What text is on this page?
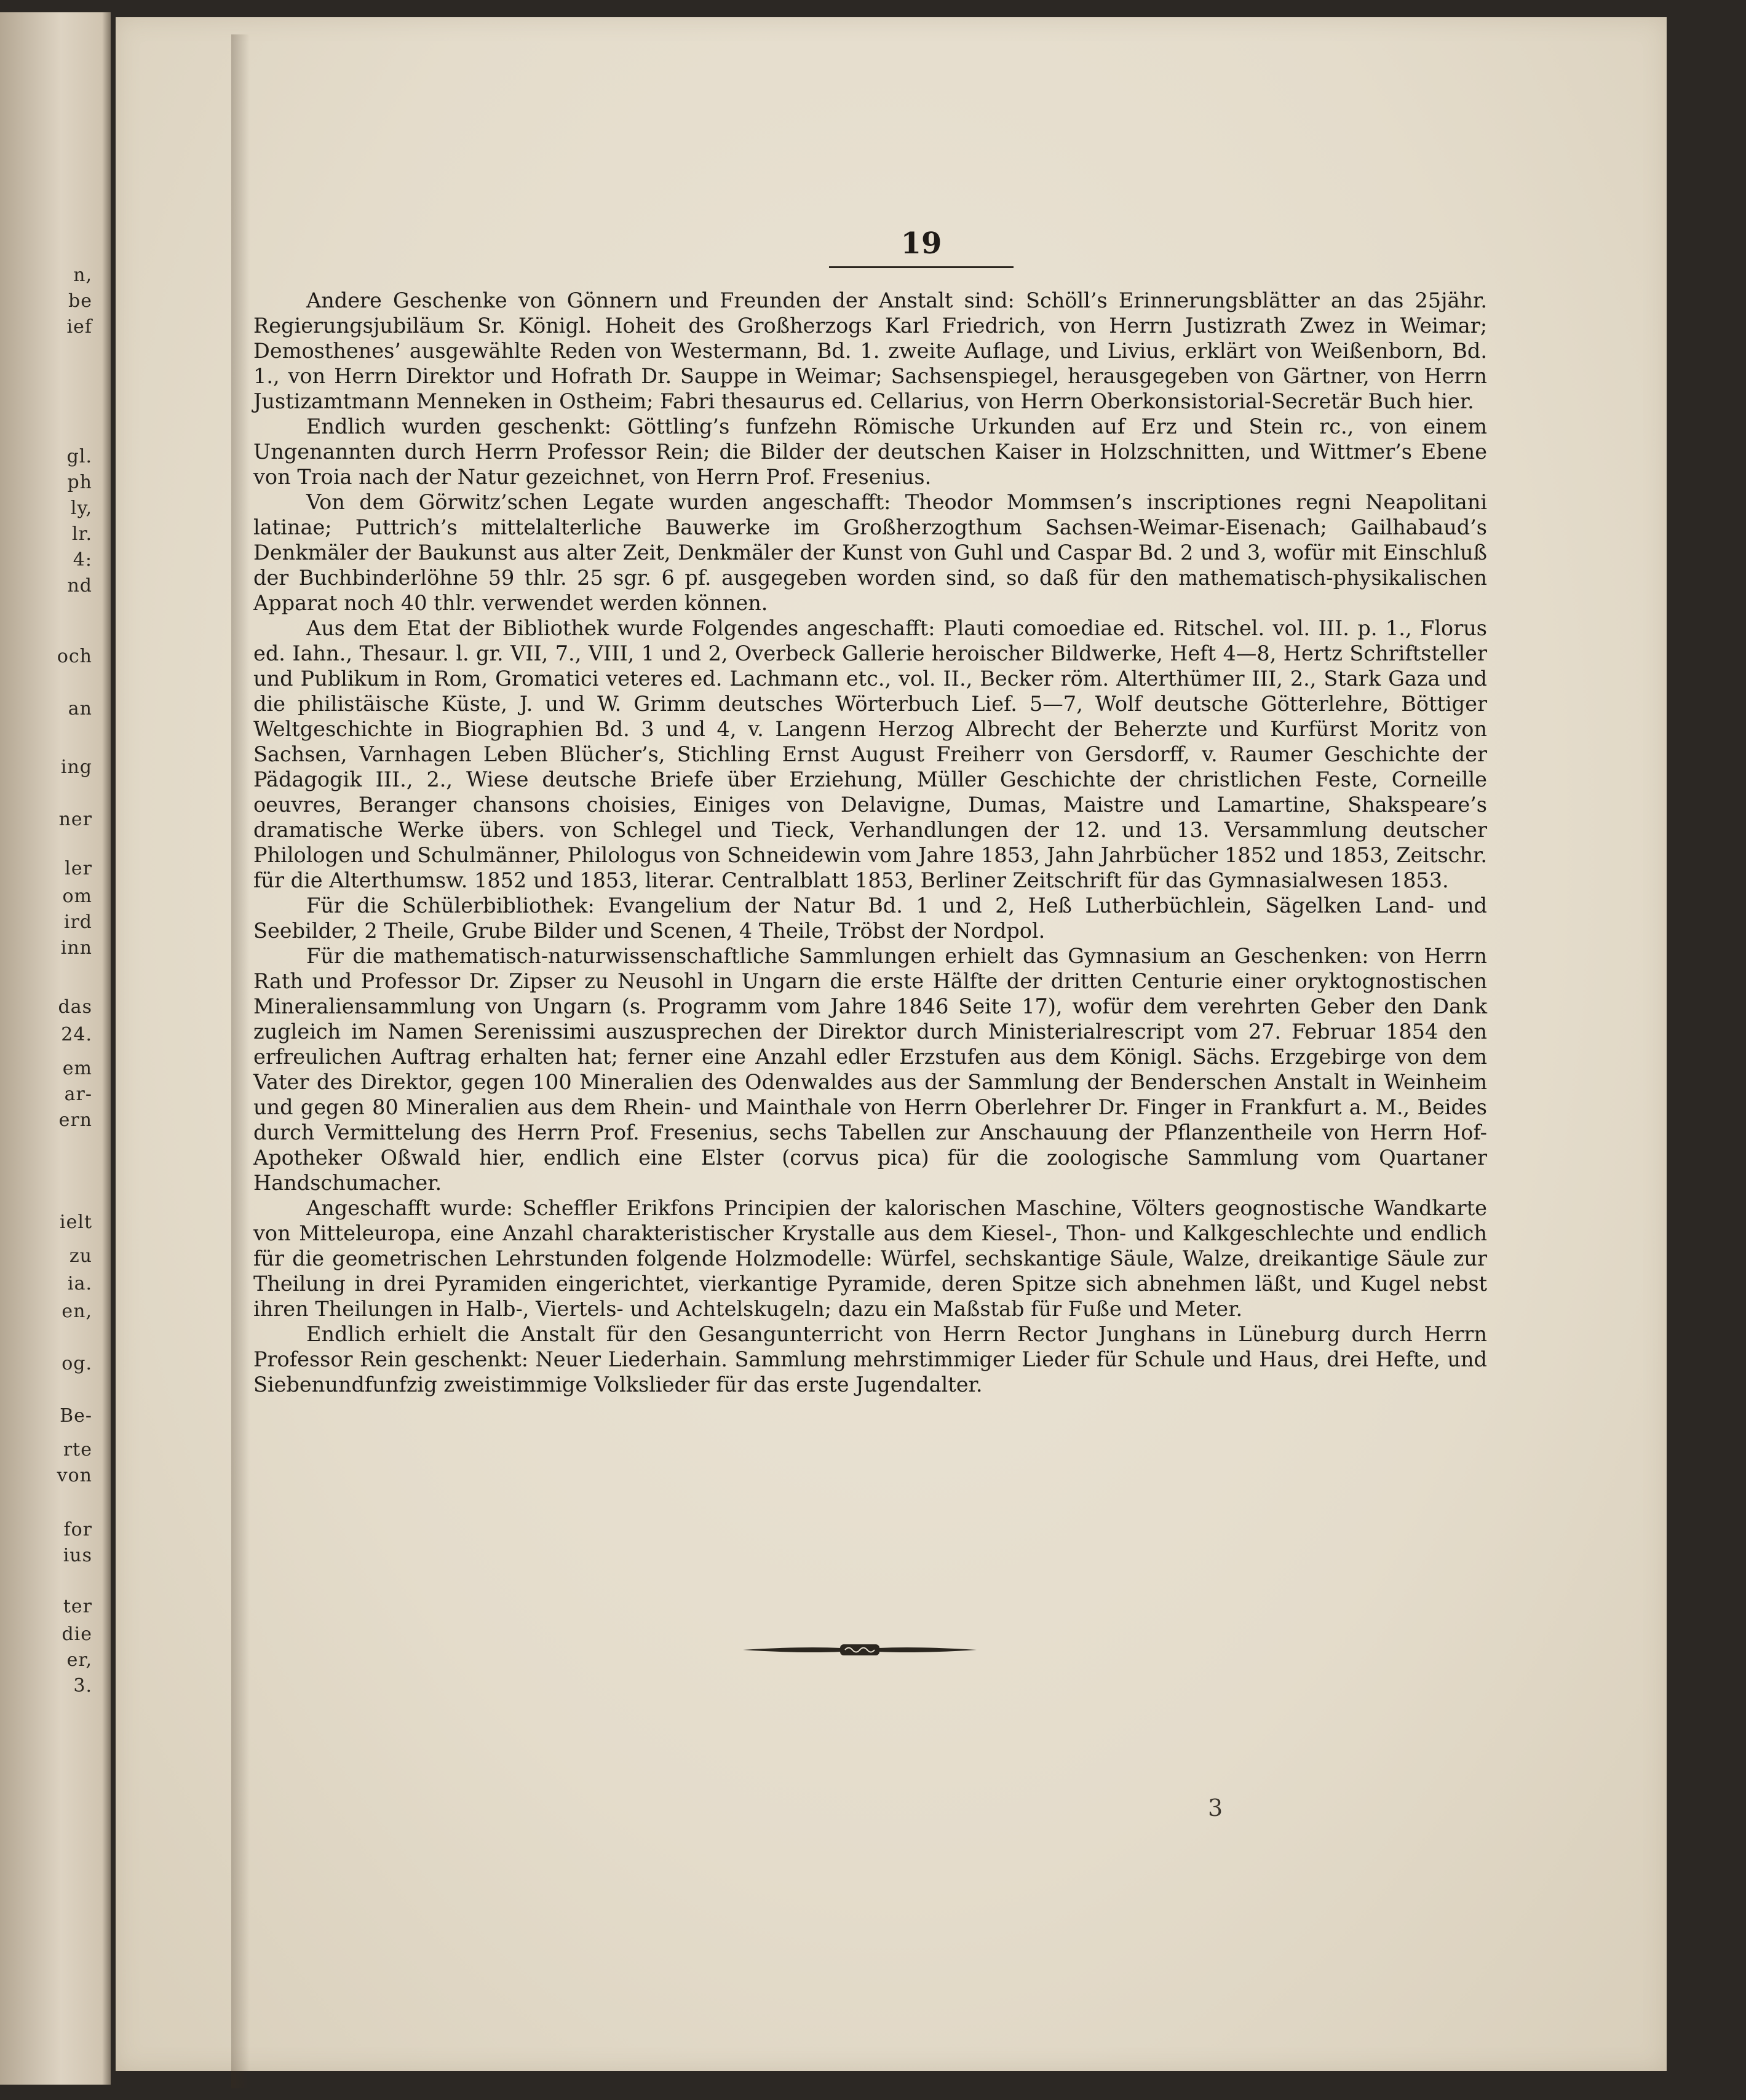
n,
be
ief
gl.
ph
ly,
lr.
4:
nd
och
an
ing
ner
ler
om
ird
inn
das
24.
em
ar-
ern
ielt
zu
ia.
en,
og.
Be-
rte
von
for
ius
ter
die
er,
3.
19

Andere Geschenke von Gönnern und Freunden der Anstalt sind: Schöll’s Erinnerungsblätter an das 25jähr. Regierungsjubiläum Sr. Königl. Hoheit des Großherzogs Karl Friedrich, von Herrn Justizrath Zwez in Weimar; Demosthenes’ ausgewählte Reden von Westermann, Bd. 1. zweite Auflage, und Livius, erklärt von Weißenborn, Bd. 1., von Herrn Direktor und Hofrath Dr. Sauppe in Weimar; Sachsenspiegel, herausgegeben von Gärtner, von Herrn Justizamtmann Menneken in Ostheim; Fabri thesaurus ed. Cellarius, von Herrn Oberkonsistorial-Secretär Buch hier.

Endlich wurden geschenkt: Göttling’s funfzehn Römische Urkunden auf Erz und Stein rc., von einem Ungenannten durch Herrn Professor Rein; die Bilder der deutschen Kaiser in Holzschnitten, und Wittmer’s Ebene von Troia nach der Natur gezeichnet, von Herrn Prof. Fresenius.

Von dem Görwitz’schen Legate wurden angeschafft: Theodor Mommsen’s inscriptiones regni Neapolitani latinae; Puttrich’s mittelalterliche Bauwerke im Großherzogthum Sachsen-Weimar-Eisenach; Gailhabaud’s Denkmäler der Baukunst aus alter Zeit, Denkmäler der Kunst von Guhl und Caspar Bd. 2 und 3, wofür mit Einschluß der Buchbinderlöhne 59 thlr. 25 sgr. 6 pf. ausgegeben worden sind, so daß für den mathematisch-physikalischen Apparat noch 40 thlr. verwendet werden können.

Aus dem Etat der Bibliothek wurde Folgendes angeschafft: Plauti comoediae ed. Ritschel. vol. III. p. 1., Florus ed. Iahn., Thesaur. l. gr. VII, 7., VIII, 1 und 2, Overbeck Gallerie heroischer Bildwerke, Heft 4—8, Hertz Schriftsteller und Publikum in Rom, Gromatici veteres ed. Lachmann etc., vol. II., Becker röm. Alterthümer III, 2., Stark Gaza und die philistäische Küste, J. und W. Grimm deutsches Wörterbuch Lief. 5—7, Wolf deutsche Götterlehre, Böttiger Weltgeschichte in Biographien Bd. 3 und 4, v. Langenn Herzog Albrecht der Beherzte und Kurfürst Moritz von Sachsen, Varnhagen Leben Blücher’s, Stichling Ernst August Freiherr von Gersdorff, v. Raumer Geschichte der Pädagogik III., 2., Wiese deutsche Briefe über Erziehung, Müller Geschichte der christlichen Feste, Corneille oeuvres, Beranger chansons choisies, Einiges von Delavigne, Dumas, Maistre und Lamartine, Shakspeare’s dramatische Werke übers. von Schlegel und Tieck, Verhandlungen der 12. und 13. Versammlung deutscher Philologen und Schulmänner, Philologus von Schneidewin vom Jahre 1853, Jahn Jahrbücher 1852 und 1853, Zeitschr. für die Alterthumsw. 1852 und 1853, literar. Centralblatt 1853, Berliner Zeitschrift für das Gymnasialwesen 1853.

Für die Schülerbibliothek: Evangelium der Natur Bd. 1 und 2, Heß Lutherbüchlein, Sägelken Land- und Seebilder, 2 Theile, Grube Bilder und Scenen, 4 Theile, Tröbst der Nordpol.

Für die mathematisch-naturwissenschaftliche Sammlungen erhielt das Gymnasium an Geschenken: von Herrn Rath und Professor Dr. Zipser zu Neusohl in Ungarn die erste Hälfte der dritten Centurie einer oryktognostischen Mineraliensammlung von Ungarn (s. Programm vom Jahre 1846 Seite 17), wofür dem verehrten Geber den Dank zugleich im Namen Serenissimi auszusprechen der Direktor durch Ministerialrescript vom 27. Februar 1854 den erfreulichen Auftrag erhalten hat; ferner eine Anzahl edler Erzstufen aus dem Königl. Sächs. Erzgebirge von dem Vater des Direktor, gegen 100 Mineralien des Odenwaldes aus der Sammlung der Benderschen Anstalt in Weinheim und gegen 80 Mineralien aus dem Rhein- und Mainthale von Herrn Oberlehrer Dr. Finger in Frankfurt a. M., Beides durch Vermittelung des Herrn Prof. Fresenius, sechs Tabellen zur Anschauung der Pflanzentheile von Herrn Hof-Apotheker Oßwald hier, endlich eine Elster (corvus pica) für die zoologische Sammlung vom Quartaner Handschumacher.

Angeschafft wurde: Scheffler Erikfons Principien der kalorischen Maschine, Völters geognostische Wandkarte von Mitteleuropa, eine Anzahl charakteristischer Krystalle aus dem Kiesel-, Thon- und Kalkgeschlechte und endlich für die geometrischen Lehrstunden folgende Holzmodelle: Würfel, sechskantige Säule, Walze, dreikantige Säule zur Theilung in drei Pyramiden eingerichtet, vierkantige Pyramide, deren Spitze sich abnehmen läßt, und Kugel nebst ihren Theilungen in Halb-, Viertels- und Achtelskugeln; dazu ein Maßstab für Fuße und Meter.

Endlich erhielt die Anstalt für den Gesangunterricht von Herrn Rector Junghans in Lüneburg durch Herrn Professor Rein geschenkt: Neuer Liederhain. Sammlung mehrstimmiger Lieder für Schule und Haus, drei Hefte, und Siebenundfunfzig zweistimmige Volkslieder für das erste Jugendalter.

3
